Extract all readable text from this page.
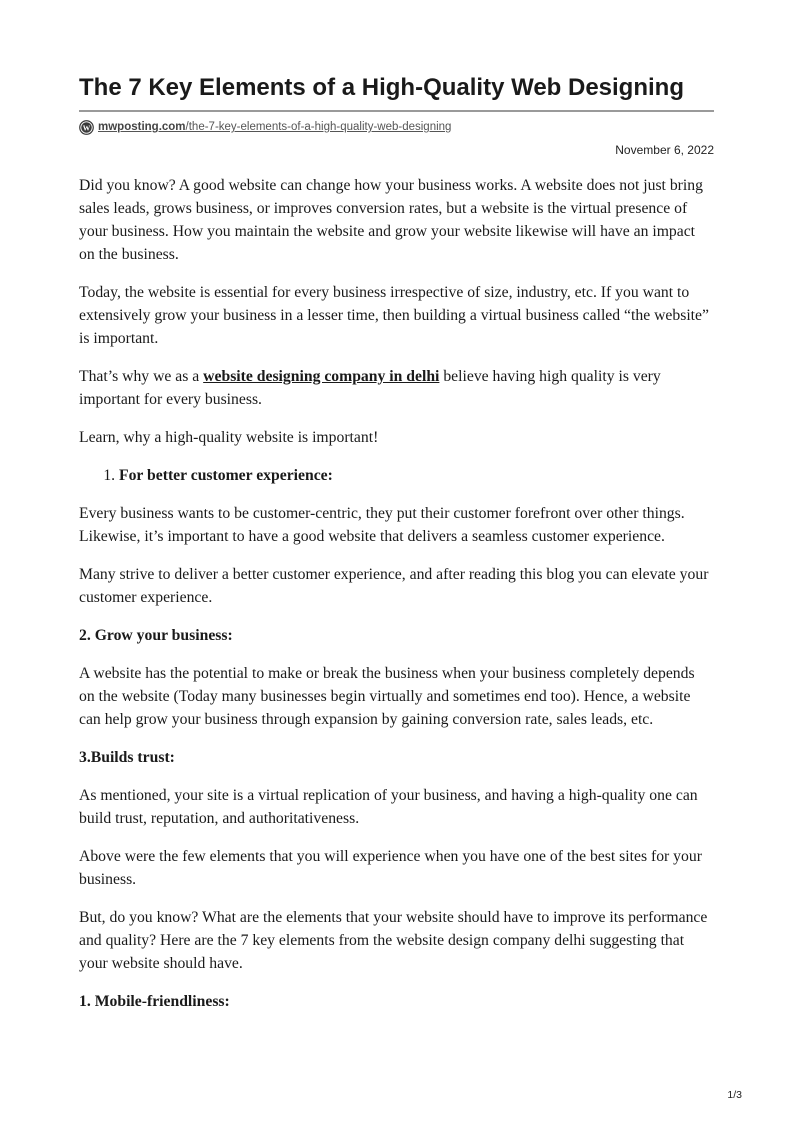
The 7 Key Elements of a High-Quality Web Designing
W mwposting.com/the-7-key-elements-of-a-high-quality-web-designing
November 6, 2022

Did you know? A good website can change how your business works. A website does not just bring sales leads, grows business, or improves conversion rates, but a website is the virtual presence of your business. How you maintain the website and grow your website likewise will have an impact on the business.

Today, the website is essential for every business irrespective of size, industry, etc. If you want to extensively grow your business in a lesser time, then building a virtual business called “the website” is important.

That’s why we as a website designing company in delhi believe having high quality is very important for every business.

Learn, why a high-quality website is important!

1. For better customer experience:

Every business wants to be customer-centric, they put their customer forefront over other things. Likewise, it’s important to have a good website that delivers a seamless customer experience.

Many strive to deliver a better customer experience, and after reading this blog you can elevate your customer experience.

2. Grow your business:

A website has the potential to make or break the business when your business completely depends on the website (Today many businesses begin virtually and sometimes end too). Hence, a website can help grow your business through expansion by gaining conversion rate, sales leads, etc.

3.Builds trust:

As mentioned, your site is a virtual replication of your business, and having a high-quality one can build trust, reputation, and authoritativeness.

Above were the few elements that you will experience when you have one of the best sites for your business.

But, do you know? What are the elements that your website should have to improve its performance and quality? Here are the 7 key elements from the website design company delhi suggesting that your website should have.

1. Mobile-friendliness:
1/3
